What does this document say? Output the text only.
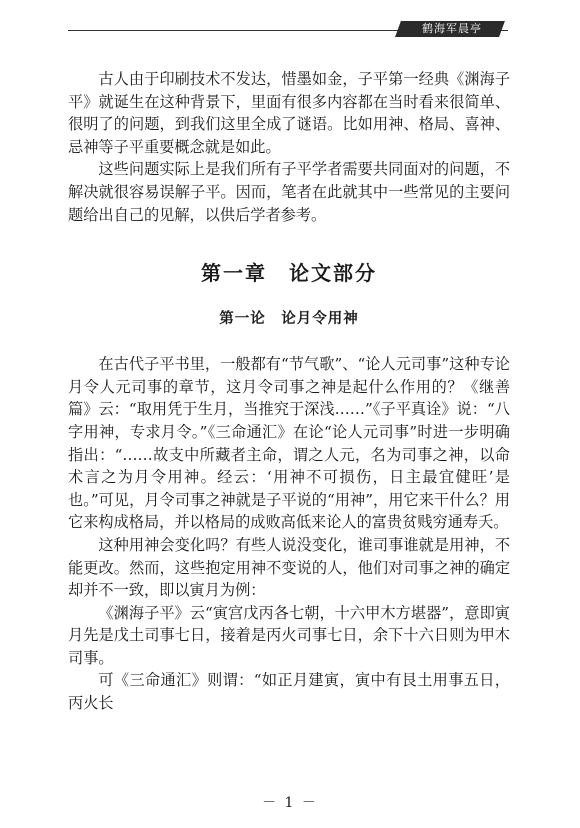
鹤海军晨亭

古人由于印刷技术不发达，惜墨如金，子平第一经典《渊海子平》就诞生在这种背景下，里面有很多内容都在当时看来很简单、很明了的问题，到我们这里全成了谜语。比如用神、格局、喜神、忌神等子平重要概念就是如此。

这些问题实际上是我们所有子平学者需要共同面对的问题，不解决就很容易误解子平。因而，笔者在此就其中一些常见的主要问题给出自己的见解，以供后学者参考。

第一章　论文部分
第一论　论月令用神

在古代子平书里，一般都有“节气歌”、“论人元司事”这种专论月令人元司事的章节，这月令司事之神是起什么作用的？《继善篇》云：“取用凭于生月，当推究于深浅……”《子平真诠》说：“八字用神，专求月令。”《三命通汇》在论“论人元司事”时进一步明确指出：“……故支中所藏者主命，谓之人元，名为司事之神，以命术言之为月令用神。经云：‘用神不可损伤，日主最宜健旺’是也。”可见，月令司事之神就是子平说的“用神”，用它来干什么？用它来构成格局，并以格局的成败高低来论人的富贵贫贱穷通寿夭。

这种用神会变化吗？有些人说没变化，谁司事谁就是用神，不能更改。然而，这些抱定用神不变说的人，他们对司事之神的确定却并不一致，即以寅月为例：

《渊海子平》云“寅宫戊丙各七朝，十六甲木方堪器”，意即寅月先是戊土司事七日，接着是丙火司事七日，余下十六日则为甲木司事。

可《三命通汇》则谓：“如正月建寅，寅中有艮土用事五日，丙火长

－ 1 －
